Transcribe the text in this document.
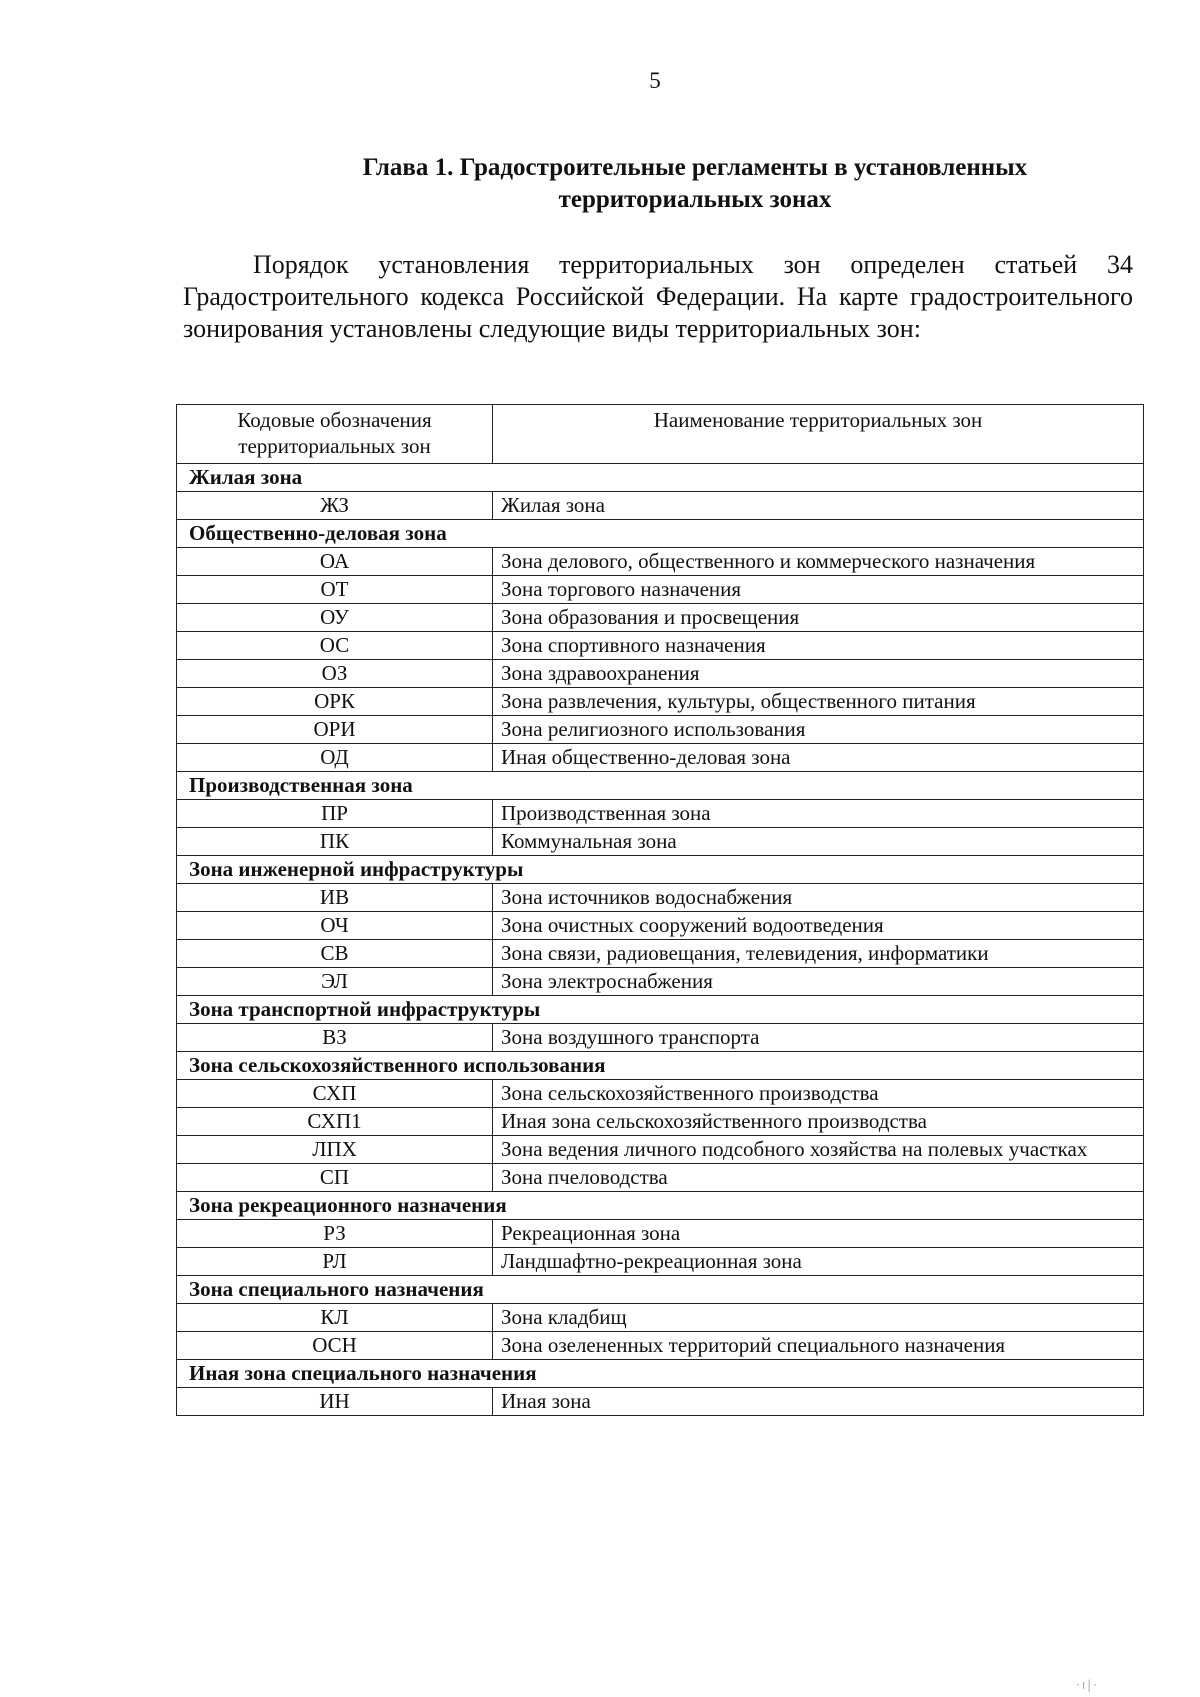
5
Глава 1. Градостроительные регламенты в установленных
территориальных зонах
Порядок установления территориальных зон определен статьей 34 Градостроительного кодекса Российской Федерации. На карте градостроительного зонирования установлены следующие виды территориальных зон:
Кодовые обозначения
территориальных зон	Наименование территориальных зон
Жилая зона	
ЖЗ	Жилая зона
Общественно-деловая зона	
ОА	Зона делового, общественного и коммерческого назначения
ОТ	Зона торгового назначения
ОУ	Зона образования и просвещения
ОС	Зона спортивного назначения
ОЗ	Зона здравоохранения
ОРК	Зона развлечения, культуры, общественного питания
ОРИ	Зона религиозного использования
ОД	Иная общественно-деловая зона
Производственная зона	
ПР	Производственная зона
ПК	Коммунальная зона
Зона инженерной инфраструктуры	
ИВ	Зона источников водоснабжения
ОЧ	Зона очистных сооружений водоотведения
СВ	Зона связи, радиовещания, телевидения, информатики
ЭЛ	Зона электроснабжения
Зона транспортной инфраструктуры	
ВЗ	Зона воздушного транспорта
Зона сельскохозяйственного использования	
СХП	Зона сельскохозяйственного производства
СХП1	Иная зона сельскохозяйственного производства
ЛПХ	Зона ведения личного подсобного хозяйства на полевых участках
СП	Зона пчеловодства
Зона рекреационного назначения	
РЗ	Рекреационная зона
РЛ	Ландшафтно-рекреационная зона
Зона специального назначения	
КЛ	Зона кладбищ
ОСН	Зона озелененных территорий специального назначения
Иная зона специального назначения	
ИН	Иная зона
·ı|·
